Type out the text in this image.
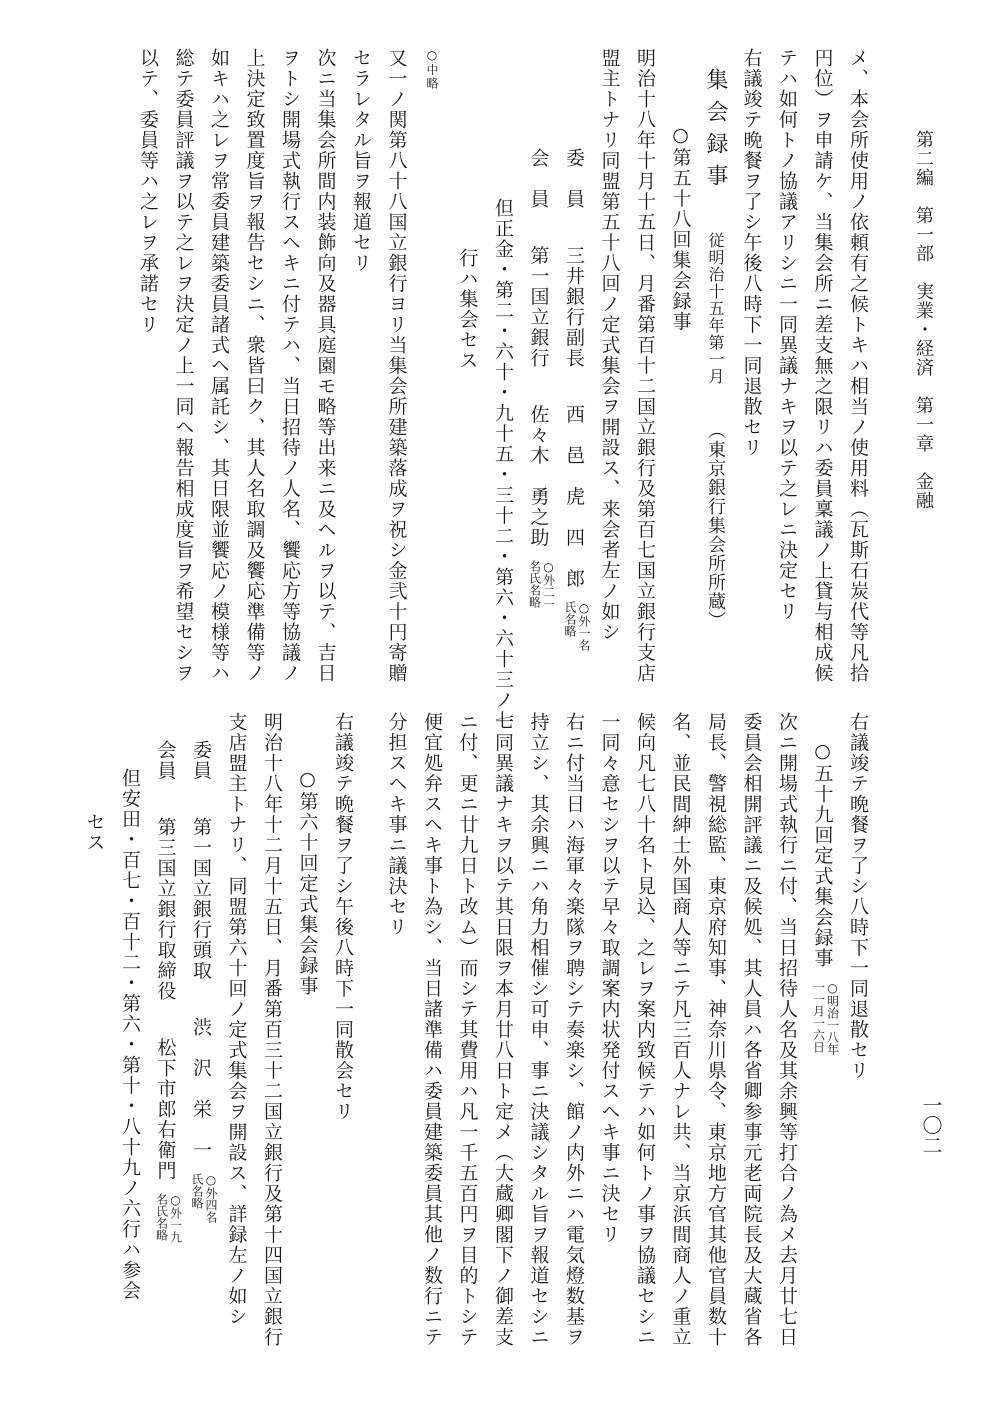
第二編　第一部　実業・経済　第一章　金融
一〇二
メ、本会所使用ノ依頼有之候トキハ相当ノ使用料（瓦斯石炭代等凡拾
円位）ヲ申請ケ、当集会所ニ差支無之限リハ委員稟議ノ上貸与相成候
テハ如何トノ協議アリシニ一同異議ナキヲ以テ之レニ決定セリ
右議竣テ晩餐ヲ了シ午後八時下一同退散セリ
集会録事従明治十五年第一月（東京銀行集会所所蔵）
○第五十八回集会録事
明治十八年十月十五日、月番第百十二国立銀行及第百七国立銀行支店
盟主トナリ同盟第五十八回ノ定式集会ヲ開設ス、来会者左ノ如シ
委　員三井銀行副長西　邑　虎　四　郎○外一名
氏名略
会　員第一国立銀行佐々木　勇之助○外二一
名氏名略
但正金・第二・六十・九十五・三十二・第六・六十三ノ七
行ハ集会セス
○中略
又一ノ関第八十八国立銀行ヨリ当集会所建築落成ヲ祝シ金弐十円寄贈
セラレタル旨ヲ報道セリ
次ニ当集会所間内装飾向及器具庭園モ略等出来ニ及ヘルヲ以テ、吉日
ヲトシ開場式執行スヘキニ付テハ、当日招待ノ人名、饗応方等協議ノ
上決定致置度旨ヲ報告セシニ、衆皆曰ク、其人名取調及饗応準備等ノ
如キハ之レヲ常委員建築委員諸式ヘ属託シ、其日限並饗応ノ模様等ハ
総テ委員評議ヲ以テ之レヲ決定ノ上一同ヘ報告相成度旨ヲ希望セシヲ
以テ、委員等ハ之レヲ承諾セリ
右議竣テ晩餐ヲ了シ八時下一同退散セリ
○五十九回定式集会録事○明治一八年
一一月一六日
次ニ開場式執行ニ付、当日招待人名及其余興等打合ノ為メ去月廿七日
委員会相開評議ニ及候処、其人員ハ各省卿参事元老両院長及大蔵省各
局長、警視総監、東京府知事、神奈川県令、東京地方官其他官員数十
名、並民間紳士外国商人等ニテ凡三百人ナレ共、当京浜間商人ノ重立
候向凡七八十名ト見込、之レヲ案内致候テハ如何トノ事ヲ協議セシニ
一同々意セシヲ以テ早々取調案内状発付スヘキ事ニ決セリ
右ニ付当日ハ海軍々楽隊ヲ聘シテ奏楽シ、館ノ内外ニハ電気燈数基ヲ
持立シ、其余興ニハ角力相催シ可申、事ニ決議シタル旨ヲ報道セシニ
一同異議ナキヲ以テ其日限ヲ本月廿八日ト定メ（大蔵卿閣下ノ御差支
ニ付、更ニ廿九日ト改ム）而シテ其費用ハ凡一千五百円ヲ目的トシテ
便宜処弁スヘキ事ト為シ、当日諸準備ハ委員建築委員其他ノ数行ニテ
分担スヘキ事ニ議決セリ
右議竣テ晩餐ヲ了シ午後八時下一同散会セリ
○第六十回定式集会録事
明治十八年十二月十五日、月番第百三十二国立銀行及第十四国立銀行
支店盟主トナリ、同盟第六十回ノ定式集会ヲ開設ス、詳録左ノ如シ
委員第一国立銀行頭取渋　沢　栄　一○外四名
氏名略
会員第三国立銀行取締役松下市郎右衛門○外一九
名氏名略
但安田・百七・百十二・第六・第十・八十九ノ六行ハ参会
セス
